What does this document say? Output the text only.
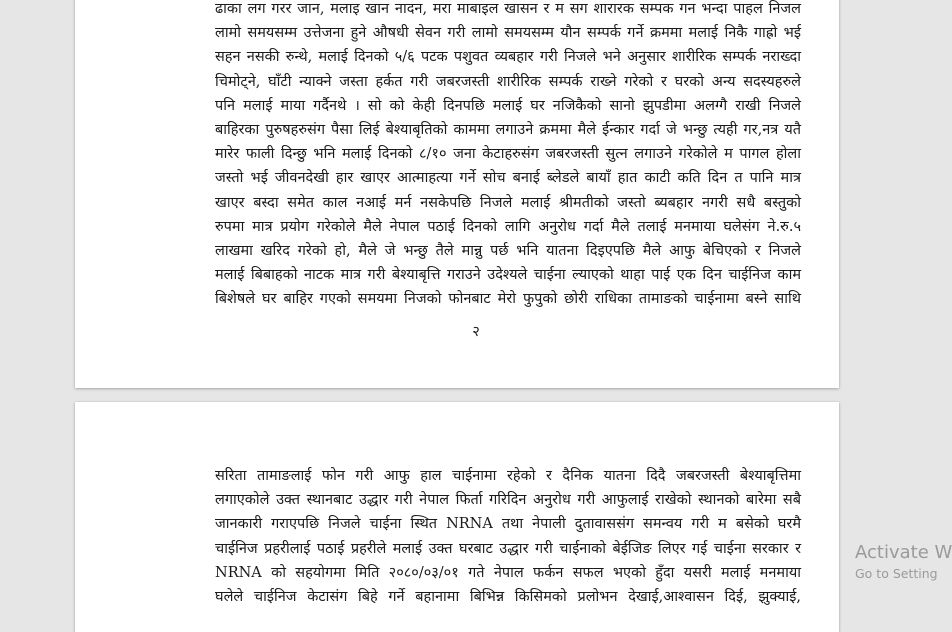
ढाका लग गरर जान, मलाइ खान नादन, मरा माबाइल खासन र म सग शारारक सम्पक गन भन्दा पाहल निजल
लामो समयसम्म उत्तेजना हुने औषधी सेवन गरी लामो समयसम्म यौन सम्पर्क गर्ने क्रममा मलाई निकै गाह्रो भई
सहन नसकी रुन्थे, मलाई दिनको ५/६ पटक पशुवत व्यबहार गरी निजले भने अनुसार शारीरिक सम्पर्क नराख्दा
चिमोट्ने, घाँटी न्याक्ने जस्ता हर्कत गरी जबरजस्ती शारीरिक सम्पर्क राख्ने गरेको र घरको अन्य सदस्यहरुले
पनि मलाई माया गर्दैनथे । सो को केही दिनपछि मलाई घर नजिकैको सानो झुपडीमा अलग्गै राखी निजले
बाहिरका पुरुषहरुसंग पैसा लिई बेश्याबृतिको काममा लगाउने क्रममा मैले ईन्कार गर्दा जे भन्छु त्यही गर,नत्र यतै
मारेर फाली दिन्छु भनि मलाई दिनको ८/१० जना केटाहरुसंग जबरजस्ती सुत्न लगाउने गरेकोले म पागल होला
जस्तो भई जीवनदेखी हार खाएर आत्माहत्या गर्ने सोच बनाई ब्लेडले बायाँ हात काटी कति दिन त पानि मात्र
खाएर बस्दा समेत काल नआई मर्न नसकेपछि निजले मलाई श्रीमतीको जस्तो ब्यबहार नगरी सधै बस्तुको
रुपमा मात्र प्रयोग गरेकोले मैले नेपाल पठाई दिनको लागि अनुरोध गर्दा मैले तलाई मनमाया घलेसंग ने.रु.५
लाखमा खरिद गरेको हो, मैले जे भन्छु तैले मान्नु पर्छ भनि यातना दिइएपछि मैले आफु बेचिएको र निजले
मलाई बिबाहको नाटक मात्र गरी बेश्याबृत्ति गराउने उदेश्यले चाईना ल्याएको थाहा पाई एक दिन चाईनिज काम
बिशेषले घर बाहिर गएको समयमा निजको फोनबाट मेरो फुपुको छोरी राधिका तामाङको चाईनामा बस्ने साथि
२
सरिता तामाङलाई फोन गरी आफु हाल चाईनामा रहेको र दैनिक यातना दिदै जबरजस्ती बेश्याबृत्तिमा
लगाएकोले उक्त स्थानबाट उद्धार गरी नेपाल फिर्ता गरिदिन अनुरोध गरी आफुलाई राखेको स्थानको बारेमा सबै
जानकारी गराएपछि निजले चाईना स्थित NRNA तथा नेपाली दुतावाससंग समन्वय गरी म बसेको घरमै
चाईनिज प्रहरीलाई पठाई प्रहरीले मलाई उक्त घरबाट उद्धार गरी चाईनाको बेईजिङ लिएर गई चाईना सरकार र
NRNA को सहयोगमा मिति २०८०/०३/०१ गते नेपाल फर्कन सफल भएको हुँदा यसरी मलाई मनमाया
घलेले चाईनिज केटासंग बिहे गर्ने बहानामा बिभिन्न किसिमको प्रलोभन देखाई,आश्वासन दिई, झुक्याई,
Activate W
Go to Setting
